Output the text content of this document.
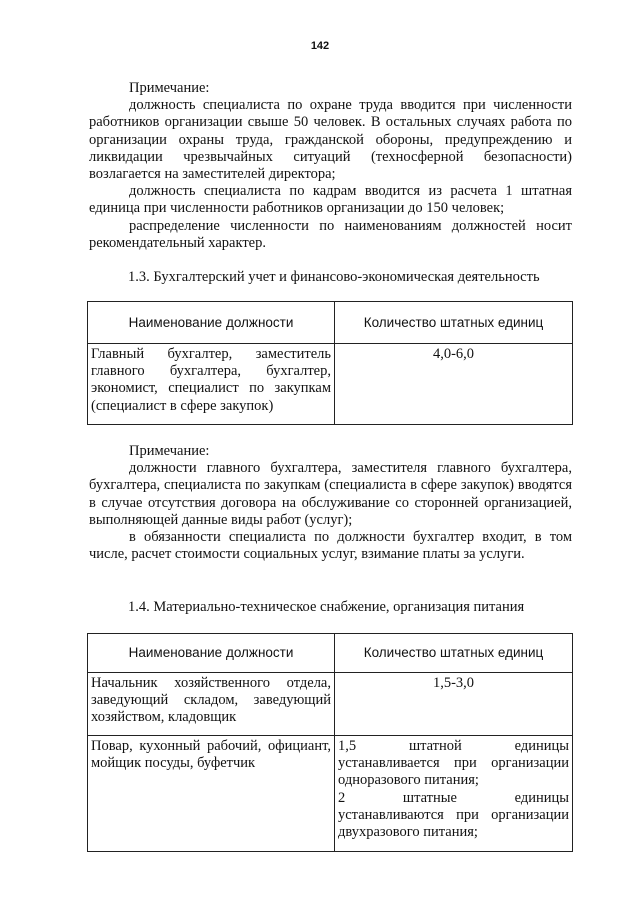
142

Примечание:

должность специалиста по охране труда вводится при численности работников организации свыше 50 человек. В остальных случаях работа по организации охраны труда, гражданской обороны, предупреждению и ликвидации чрезвычайных ситуаций (техносферной безопасности) возлагается на заместителей директора;

должность специалиста по кадрам вводится из расчета 1 штатная единица при численности работников организации до 150 человек;

распределение численности по наименованиям должностей носит рекомендательный характер.

1.3. Бухгалтерский учет и финансово-экономическая деятельность
Наименование должности	Количество штатных единиц
Главный бухгалтер, заместитель главного бухгалтера, бухгалтер, экономист, специалист по закупкам (специалист в сфере закупок)	4,0-6,0

Примечание:

должности главного бухгалтера, заместителя главного бухгалтера, бухгалтера, специалиста по закупкам (специалиста в сфере закупок) вводятся в случае отсутствия договора на обслуживание со сторонней организацией, выполняющей данные виды работ (услуг);

в обязанности специалиста по должности бухгалтер входит, в том числе, расчет стоимости социальных услуг, взимание платы за услуги.

1.4. Материально-техническое снабжение, организация питания
Наименование должности	Количество штатных единиц
Начальник хозяйственного отдела, заведующий складом, заведующий хозяйством, кладовщик	1,5-3,0
Повар, кухонный рабочий, официант, мойщик посуды, буфетчик	1,5 штатной единицы устанавливается при организации одноразового питания;
2 штатные единицы устанавливаются при организации двухразового питания;
